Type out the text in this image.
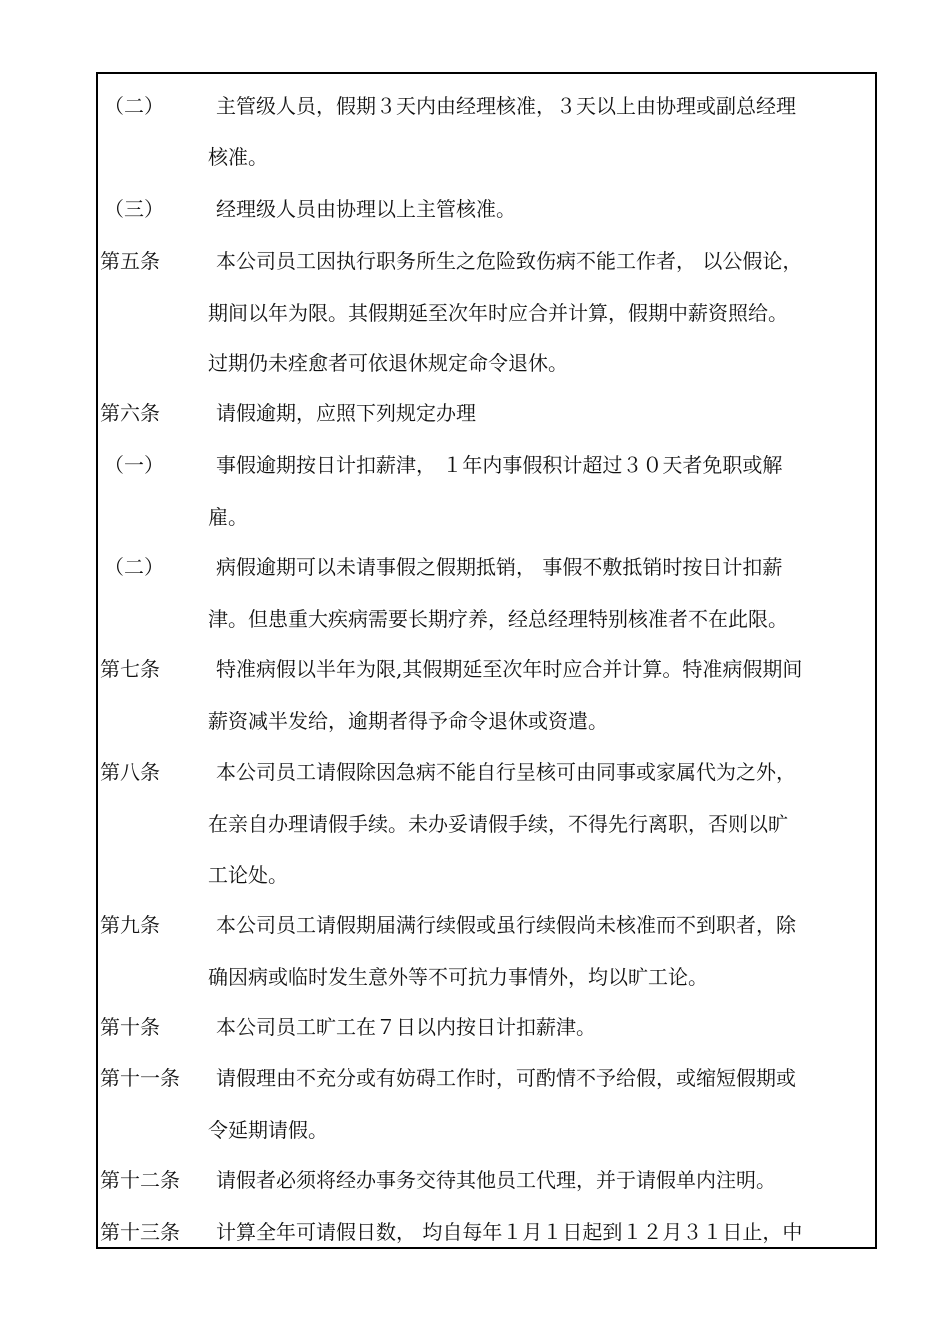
（二）	主管级人员，假期３天内由经理核准，３天以上由协理或副总经理
核准。
（三）	经理级人员由协理以上主管核准。
第五条	本公司员工因执行职务所生之危险致伤病不能工作者， 以公假论，
期间以年为限。其假期延至次年时应合并计算，假期中薪资照给。
过期仍未痊愈者可依退休规定命令退休。
第六条	请假逾期，应照下列规定办理
（一）	事假逾期按日计扣薪津， １年内事假积计超过３０天者免职或解
雇。
（二）	病假逾期可以未请事假之假期抵销， 事假不敷抵销时按日计扣薪
津。但患重大疾病需要长期疗养，经总经理特别核准者不在此限。
第七条	特准病假以半年为限,其假期延至次年时应合并计算。特准病假期间
薪资减半发给，逾期者得予命令退休或资遣。
第八条	本公司员工请假除因急病不能自行呈核可由同事或家属代为之外，
在亲自办理请假手续。未办妥请假手续，不得先行离职，否则以旷
工论处。
第九条	本公司员工请假期届满行续假或虽行续假尚未核准而不到职者，除
确因病或临时发生意外等不可抗力事情外，均以旷工论。
第十条	本公司员工旷工在７日以内按日计扣薪津。
第十一条 请假理由不充分或有妨碍工作时，可酌情不予给假，或缩短假期或
令延期请假。
第十二条 请假者必须将经办事务交待其他员工代理，并于请假单内注明。
第十三条 计算全年可请假日数， 均自每年１月１日起到１２月３１日止，中
